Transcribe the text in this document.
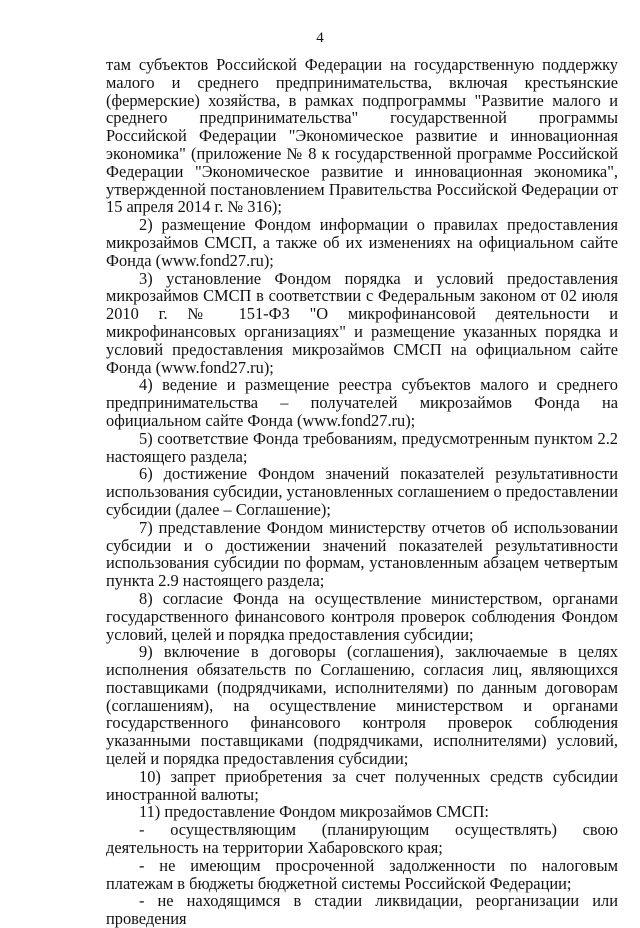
4

там субъектов Российской Федерации на государственную поддержку малого и среднего предпринимательства, включая крестьянские (фермерские) хозяйства, в рамках подпрограммы "Развитие малого и среднего предпринимательства" государственной программы Российской Федерации "Экономическое развитие и инновационная экономика" (приложение № 8 к государственной программе Российской Федерации "Экономическое развитие и инновационная экономика", утвержденной постановлением Правительства Российской Федерации от 15 апреля 2014 г. № 316);

2) размещение Фондом информации о правилах предоставления микрозаймов СМСП, а также об их изменениях на официальном сайте Фонда (www.fond27.ru);

3) установление Фондом порядка и условий предоставления микрозаймов СМСП в соответствии с Федеральным законом от 02 июля 2010 г. № 151-ФЗ "О микрофинансовой деятельности и микрофинансовых организациях" и размещение указанных порядка и условий предоставления микрозаймов СМСП на официальном сайте Фонда (www.fond27.ru);

4) ведение и размещение реестра субъектов малого и среднего предпринимательства – получателей микрозаймов Фонда на официальном сайте Фонда (www.fond27.ru);

5) соответствие Фонда требованиям, предусмотренным пунктом 2.2 настоящего раздела;

6) достижение Фондом значений показателей результативности использования субсидии, установленных соглашением о предоставлении субсидии (далее – Соглашение);

7) представление Фондом министерству отчетов об использовании субсидии и о достижении значений показателей результативности использования субсидии по формам, установленным абзацем четвертым пункта 2.9 настоящего раздела;

8) согласие Фонда на осуществление министерством, органами государственного финансового контроля проверок соблюдения Фондом условий, целей и порядка предоставления субсидии;

9) включение в договоры (соглашения), заключаемые в целях исполнения обязательств по Соглашению, согласия лиц, являющихся поставщиками (подрядчиками, исполнителями) по данным договорам (соглашениям), на осуществление министерством и органами государственного финансового контроля проверок соблюдения указанными поставщиками (подрядчиками, исполнителями) условий, целей и порядка предоставления субсидии;

10) запрет приобретения за счет полученных средств субсидии иностранной валюты;

11) предоставление Фондом микрозаймов СМСП:

- осуществляющим (планирующим осуществлять) свою деятельность на территории Хабаровского края;

- не имеющим просроченной задолженности по налоговым платежам в бюджеты бюджетной системы Российской Федерации;

- не находящимся в стадии ликвидации, реорганизации или проведения
